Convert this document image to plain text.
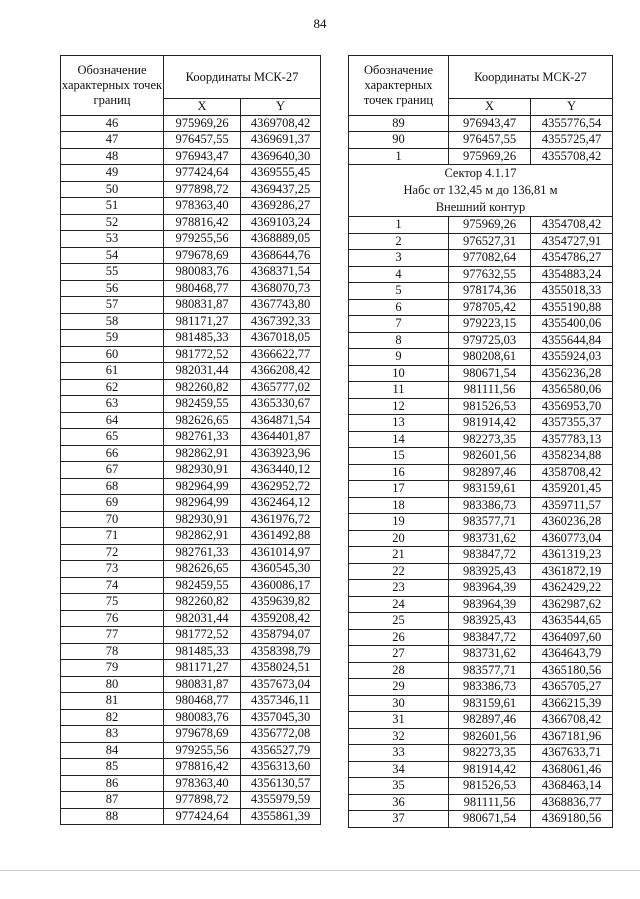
84
Обозначение характерных точек границ	Координаты МСК-27	
	X	Y
46	975969,26	4369708,42
47	976457,55	4369691,37
48	976943,47	4369640,30
49	977424,64	4369555,45
50	977898,72	4369437,25
51	978363,40	4369286,27
52	978816,42	4369103,24
53	979255,56	4368889,05
54	979678,69	4368644,76
55	980083,76	4368371,54
56	980468,77	4368070,73
57	980831,87	4367743,80
58	981171,27	4367392,33
59	981485,33	4367018,05
60	981772,52	4366622,77
61	982031,44	4366208,42
62	982260,82	4365777,02
63	982459,55	4365330,67
64	982626,65	4364871,54
65	982761,33	4364401,87
66	982862,91	4363923,96
67	982930,91	4363440,12
68	982964,99	4362952,72
69	982964,99	4362464,12
70	982930,91	4361976,72
71	982862,91	4361492,88
72	982761,33	4361014,97
73	982626,65	4360545,30
74	982459,55	4360086,17
75	982260,82	4359639,82
76	982031,44	4359208,42
77	981772,52	4358794,07
78	981485,33	4358398,79
79	981171,27	4358024,51
80	980831,87	4357673,04
81	980468,77	4357346,11
82	980083,76	4357045,30
83	979678,69	4356772,08
84	979255,56	4356527,79
85	978816,42	4356313,60
86	978363,40	4356130,57
87	977898,72	4355979,59
88	977424,64	4355861,39
Обозначение характерных точек границ	Координаты МСК-27	
	X	Y
89	976943,47	4355776,54
90	976457,55	4355725,47
1	975969,26	4355708,42

Сектор 4.1.17
Набс от 132,45 м до 136,81 м
Внешний контур		

1	975969,26	4354708,42
2	976527,31	4354727,91
3	977082,64	4354786,27
4	977632,55	4354883,24
5	978174,36	4355018,33
6	978705,42	4355190,88
7	979223,15	4355400,06
8	979725,03	4355644,84
9	980208,61	4355924,03
10	980671,54	4356236,28
11	981111,56	4356580,06
12	981526,53	4356953,70
13	981914,42	4357355,37
14	982273,35	4357783,13
15	982601,56	4358234,88
16	982897,46	4358708,42
17	983159,61	4359201,45
18	983386,73	4359711,57
19	983577,71	4360236,28
20	983731,62	4360773,04
21	983847,72	4361319,23
22	983925,43	4361872,19
23	983964,39	4362429,22
24	983964,39	4362987,62
25	983925,43	4363544,65
26	983847,72	4364097,60
27	983731,62	4364643,79
28	983577,71	4365180,56
29	983386,73	4365705,27
30	983159,61	4366215,39
31	982897,46	4366708,42
32	982601,56	4367181,96
33	982273,35	4367633,71
34	981914,42	4368061,46
35	981526,53	4368463,14
36	981111,56	4368836,77
37	980671,54	4369180,56
